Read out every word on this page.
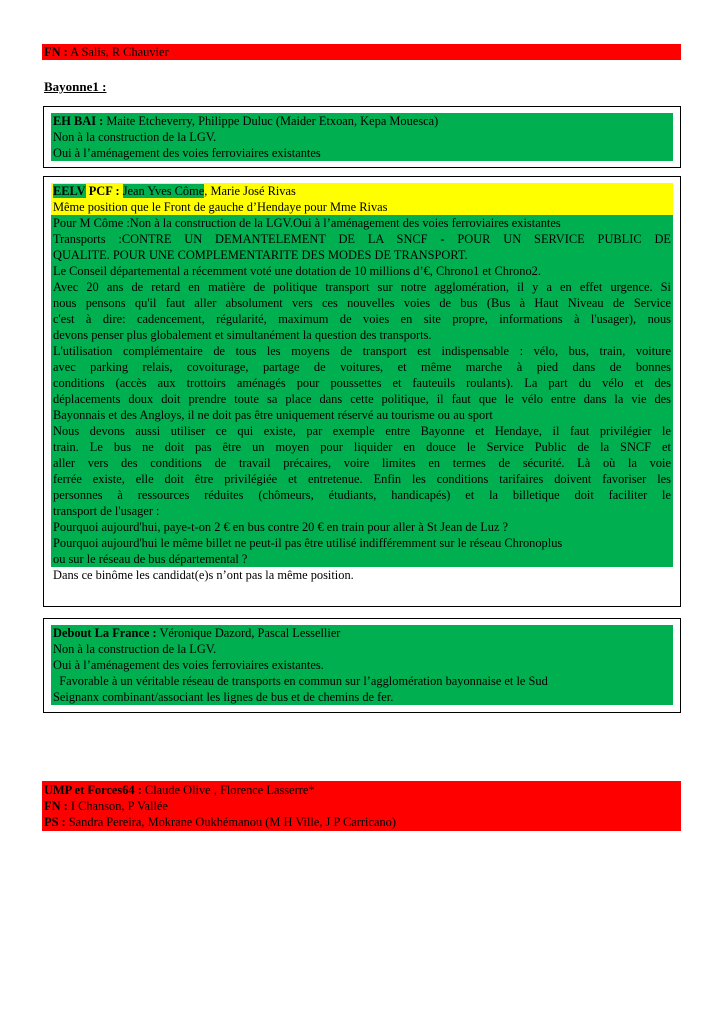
FN : A Salis, R Chauvier
Bayonne1 :
EH BAI : Maite Etcheverry, Philippe Duluc (Maider Etxoan, Kepa Mouesca)
Non à la construction de la LGV.
Oui à l’aménagement des voies ferroviaires existantes
EELV PCF : Jean Yves Côme, Marie José Rivas
Même position que le Front de gauche d’Hendaye pour Mme Rivas
Pour M Côme :Non à la construction de la LGV.Oui à l’aménagement des voies ferroviaires existantes
Transports :CONTRE UN DEMANTELEMENT DE LA SNCF - POUR UN SERVICE PUBLIC DE
QUALITE. POUR UNE COMPLEMENTARITE DES MODES DE TRANSPORT.
Le Conseil départemental a récemment voté une dotation de 10 millions d’€, Chrono1 et Chrono2.
Avec 20 ans de retard en matière de politique transport sur notre agglomération, il y a en effet urgence. Si
nous pensons qu'il faut aller absolument vers ces nouvelles voies de bus (Bus à Haut Niveau de Service
c'est à dire: cadencement, régularité, maximum de voies en site propre, informations à l'usager), nous
devons penser plus globalement et simultanément la question des transports.
L'utilisation complémentaire de tous les moyens de transport est indispensable : vélo, bus, train, voiture
avec parking relais, covoiturage, partage de voitures, et même marche à pied dans de bonnes
conditions (accès aux trottoirs aménagés pour poussettes et fauteuils roulants). La part du vélo et des
déplacements doux doit prendre toute sa place dans cette politique, il faut que le vélo entre dans la vie des
Bayonnais et des Angloys, il ne doit pas être uniquement réservé au tourisme ou au sport
Nous devons aussi utiliser ce qui existe, par exemple entre Bayonne et Hendaye, il faut privilégier le
train. Le bus ne doit pas être un moyen pour liquider en douce le Service Public de la SNCF et
aller vers des conditions de travail précaires, voire limites en termes de sécurité. Là où la voie
ferrée existe, elle doit être privilégiée et entretenue. Enfin les conditions tarifaires doivent favoriser les
personnes à ressources réduites (chômeurs, étudiants, handicapés) et la billetique doit faciliter le
transport de l'usager :
Pourquoi aujourd'hui, paye-t-on 2 € en bus contre 20 € en train pour aller à St Jean de Luz ?
Pourquoi aujourd'hui le même billet ne peut-il pas être utilisé indifféremment sur le réseau Chronoplus
ou sur le réseau de bus départemental ?
Dans ce binôme les candidat(e)s n’ont pas la même position.
Debout La France : Véronique Dazord, Pascal Lessellier
Non à la construction de la LGV.
Oui à l’aménagement des voies ferroviaires existantes.
Favorable à un véritable réseau de transports en commun sur l’agglomération bayonnaise et le Sud
Seignanx combinant/associant les lignes de bus et de chemins de fer.
UMP et Forces64 : Claude Olive , Florence Lasserre*
FN : I Chanson, P Vallée
PS : Sandra Pereira, Mokrane Oukhémanou (M H Ville, J P Carricano)
